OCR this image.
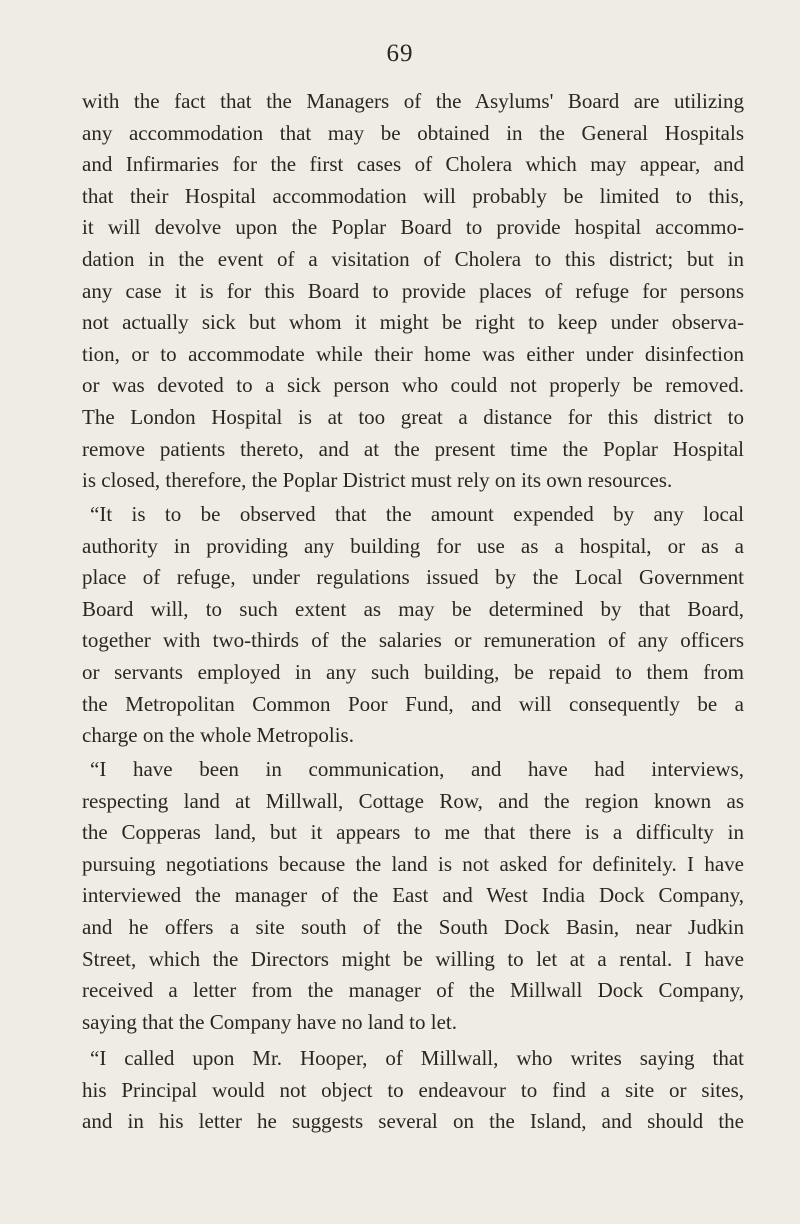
69

with the fact that the Managers of the Asylums' Board are utilizing

any accommodation that may be obtained in the General Hospitals

and Infirmaries for the first cases of Cholera which may appear, and

that their Hospital accommodation will probably be limited to this,

it will devolve upon the Poplar Board to provide hospital accommo-

dation in the event of a visitation of Cholera to this district; but in

any case it is for this Board to provide places of refuge for persons

not actually sick but whom it might be right to keep under observa-

tion, or to accommodate while their home was either under disinfection

or was devoted to a sick person who could not properly be removed.

The London Hospital is at too great a distance for this district to

remove patients thereto, and at the present time the Poplar Hospital

is closed, therefore, the Poplar District must rely on its own resources.

“It is to be observed that the amount expended by any local

authority in providing any building for use as a hospital, or as a

place of refuge, under regulations issued by the Local Government

Board will, to such extent as may be determined by that Board,

together with two-thirds of the salaries or remuneration of any officers

or servants employed in any such building, be repaid to them from

the Metropolitan Common Poor Fund, and will consequently be a

charge on the whole Metropolis.

“I have been in communication, and have had interviews,

respecting land at Millwall, Cottage Row, and the region known as

the Copperas land, but it appears to me that there is a difficulty in

pursuing negotiations because the land is not asked for definitely. I have

interviewed the manager of the East and West India Dock Company,

and he offers a site south of the South Dock Basin, near Judkin

Street, which the Directors might be willing to let at a rental. I have

received a letter from the manager of the Millwall Dock Company,

saying that the Company have no land to let.

“I called upon Mr. Hooper, of Millwall, who writes saying that

his Principal would not object to endeavour to find a site or sites,

and in his letter he suggests several on the Island, and should the
